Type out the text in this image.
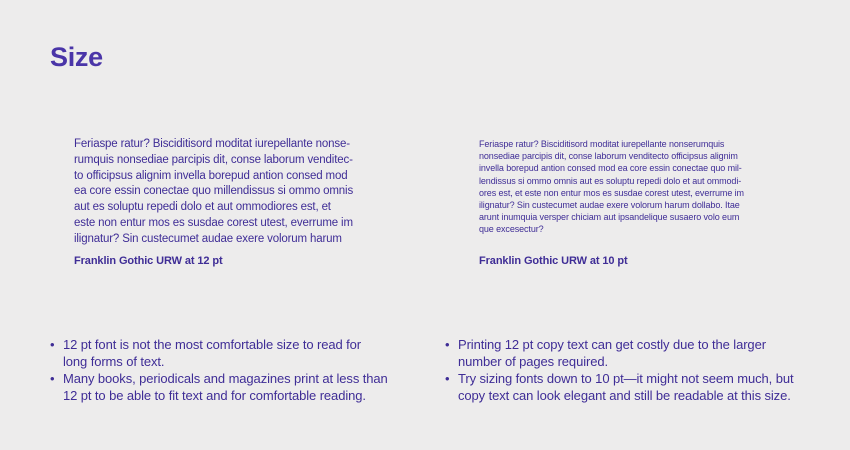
Size

Feriaspe ratur? Bisciditisord moditat iurepellante nonse-
rumquis nonsediae parcipis dit, conse laborum venditec-
to officipsus alignim invella borepud antion consed mod
ea core essin conectae quo millendissus si ommo omnis
aut es soluptu repedi dolo et aut ommodiores est, et
este non entur mos es susdae corest utest, everrume im
ilignatur? Sin custecumet audae exere volorum harum

Franklin Gothic URW at 12 pt

Feriaspe ratur? Bisciditisord moditat iurepellante nonserumquis
nonsediae parcipis dit, conse laborum venditecto officipsus alignim
invella borepud antion consed mod ea core essin conectae quo mil-
lendissus si ommo omnis aut es soluptu repedi dolo et aut ommodi-
ores est, et este non entur mos es susdae corest utest, everrume im
ilignatur? Sin custecumet audae exere volorum harum dollabo. Itae
arunt inumquia versper chiciam aut ipsandelique susaero volo eum
que excesectur?

Franklin Gothic URW at 10 pt

• 12 pt font is not the most comfortable size to read for
long forms of text.
• Many books, periodicals and magazines print at less than
12 pt to be able to fit text and for comfortable reading.
• Printing 12 pt copy text can get costly due to the larger
number of pages required.
• Try sizing fonts down to 10 pt—it might not seem much, but
copy text can look elegant and still be readable at this size.
